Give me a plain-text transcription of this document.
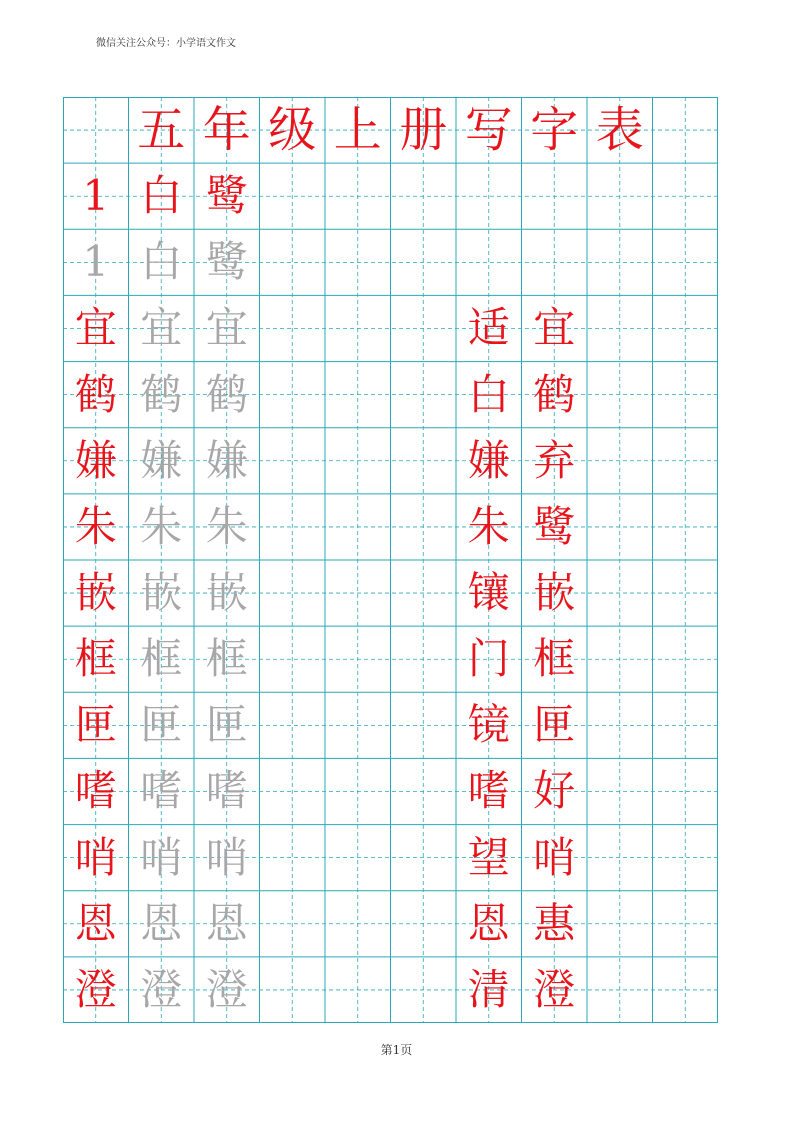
微信关注公众号：小学语文作文
五 年 级 上 册 写 字 表
1 白 鹭
1 白 鹭
宜 宜 宜	适 宜
鹤 鹤 鹤	白 鹤
嫌 嫌 嫌	嫌 弃
朱 朱 朱	朱 鹭
嵌 嵌 嵌	镶 嵌
框 框 框	门 框
匣 匣 匣	镜 匣
嗜 嗜 嗜	嗜 好
哨 哨 哨	望 哨
恩 恩 恩	恩 惠
澄 澄 澄	清 澄
第1页
